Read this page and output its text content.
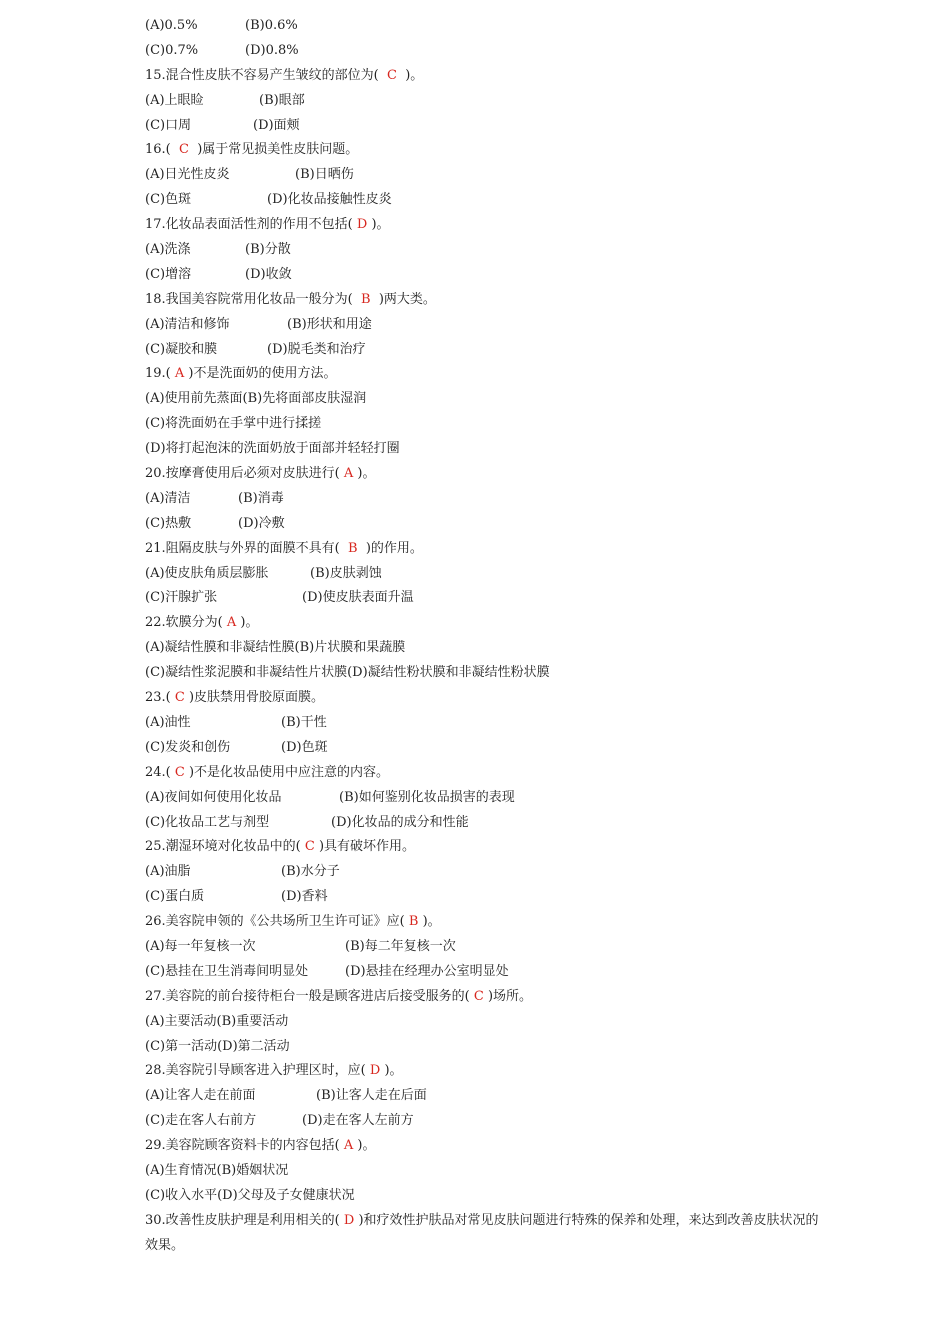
(A)0.5%	(B)0.6%
(C)0.7%	(D)0.8%
15.混合性皮肤不容易产生皱纹的部位为(  C  )。
(A)上眼睑	(B)眼部
(C)口周	(D)面颊
16.(  C  )属于常见损美性皮肤问题。
(A)日光性皮炎	(B)日晒伤
(C)色斑	(D)化妆品接触性皮炎
17.化妆品表面活性剂的作用不包括( D )。
(A)洗涤	(B)分散
(C)增溶	(D)收敛
18.我国美容院常用化妆品一般分为(  B  )两大类。
(A)清洁和修饰	(B)形状和用途
(C)凝胶和膜	(D)脱毛类和治疗
19.( A )不是洗面奶的使用方法。
(A)使用前先蒸面(B)先将面部皮肤湿润
(C)将洗面奶在手掌中进行揉搓
(D)将打起泡沫的洗面奶放于面部并轻轻打圈
20.按摩膏使用后必须对皮肤进行( A )。
(A)清洁	(B)消毒
(C)热敷	(D)冷敷
21.阻隔皮肤与外界的面膜不具有(  B  )的作用。
(A)使皮肤角质层膨胀	(B)皮肤剥蚀
(C)汗腺扩张	(D)使皮肤表面升温
22.软膜分为( A )。
(A)凝结性膜和非凝结性膜(B)片状膜和果蔬膜
(C)凝结性浆泥膜和非凝结性片状膜(D)凝结性粉状膜和非凝结性粉状膜
23.( C )皮肤禁用骨胶原面膜。
(A)油性	(B)干性
(C)发炎和创伤	(D)色斑
24.( C )不是化妆品使用中应注意的内容。
(A)夜间如何使用化妆品	(B)如何鉴别化妆品损害的表现
(C)化妆品工艺与剂型	(D)化妆品的成分和性能
25.潮湿环境对化妆品中的( C )具有破坏作用。
(A)油脂	(B)水分子
(C)蛋白质	(D)香料
26.美容院申领的《公共场所卫生许可证》应( B )。
(A)每一年复核一次	(B)每二年复核一次
(C)悬挂在卫生消毒间明显处	(D)悬挂在经理办公室明显处
27.美容院的前台接待柜台一般是顾客进店后接受服务的( C )场所。
(A)主要活动(B)重要活动
(C)第一活动(D)第二活动
28.美容院引导顾客进入护理区时，应( D )。
(A)让客人走在前面	(B)让客人走在后面
(C)走在客人右前方	(D)走在客人左前方
29.美容院顾客资料卡的内容包括( A )。
(A)生育情况(B)婚姻状况
(C)收入水平(D)父母及子女健康状况
30.改善性皮肤护理是利用相关的( D )和疗效性护肤品对常见皮肤问题进行特殊的保养和处理，来达到改善皮肤状况的效果。
